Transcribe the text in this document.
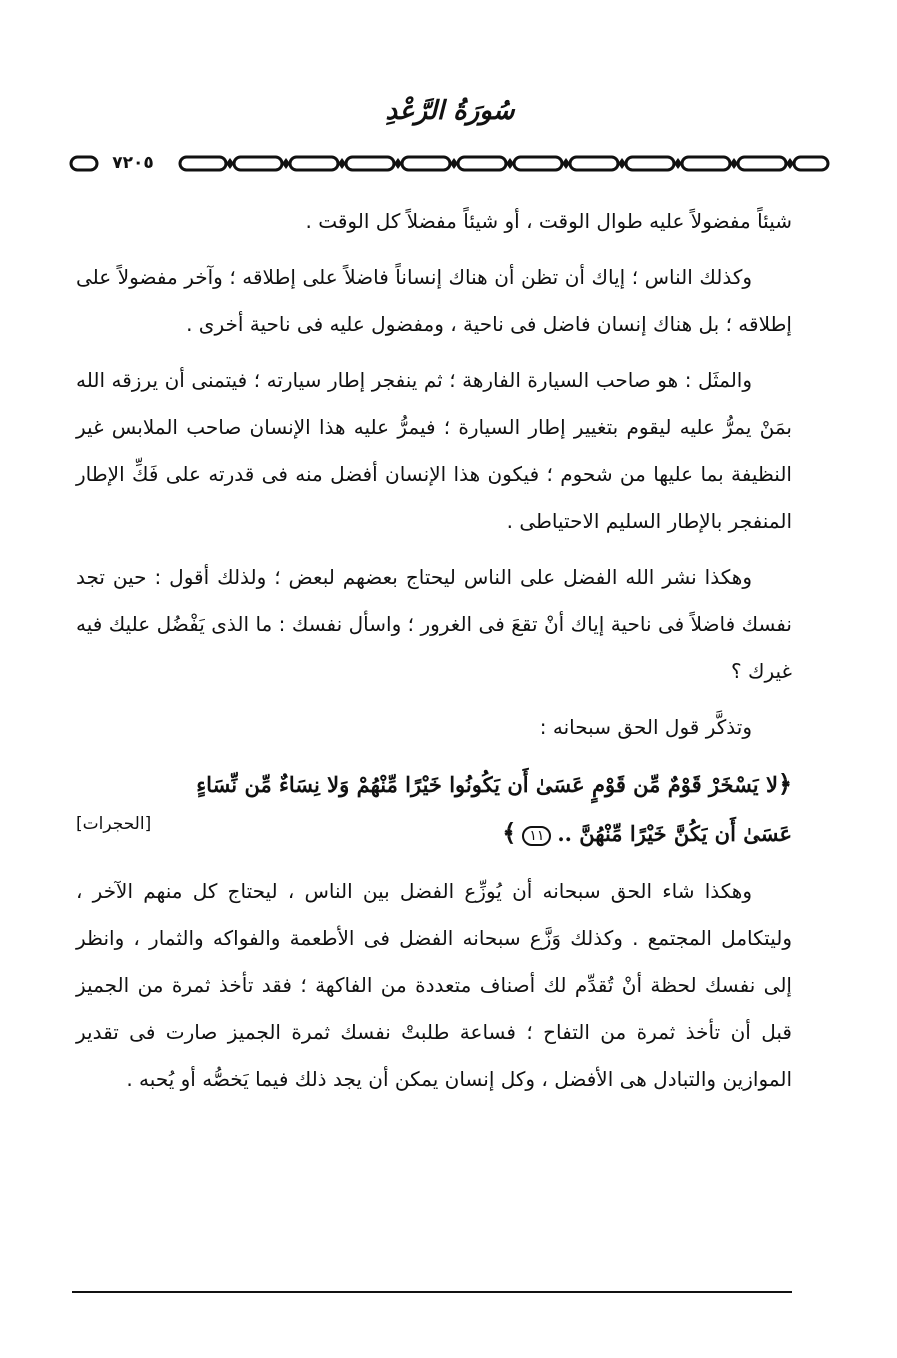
سُورَةُ الرَّعْدِ
٧٢٠٥

شيئاً مفضولاً عليه طوال الوقت ، أو شيئاً مفضلاً كل الوقت .

وكذلك الناس ؛ إياك أن تظن أن هناك إنساناً فاضلاً على إطلاقه ؛ وآخر مفضولاً على إطلاقه ؛ بل هناك إنسان فاضل فى ناحية ، ومفضول عليه فى ناحية أخرى .

والمثَل : هو صاحب السيارة الفارهة ؛ ثم ينفجر إطار سيارته ؛ فيتمنى أن يرزقه الله بمَنْ يمرُّ عليه ليقوم بتغيير إطار السيارة ؛ فيمرُّ عليه هذا الإنسان صاحب الملابس غير النظيفة بما عليها من شحوم ؛ فيكون هذا الإنسان أفضل منه فى قدرته على فَكِّ الإطار المنفجر بالإطار السليم الاحتياطى .

وهكذا نشر الله الفضل على الناس ليحتاج بعضهم لبعض ؛ ولذلك أقول : حين تجد نفسك فاضلاً فى ناحية إياك أنْ تقعَ فى الغرور ؛ واسأل نفسك : ما الذى يَفْضُل عليك فيه غيرك ؟

وتذكَّر قول الحق سبحانه :

﴿لا يَسْخَرْ قَوْمٌ مِّن قَوْمٍ عَسَىٰ أَن يَكُونُوا خَيْرًا مِّنْهُمْ وَلا نِسَاءٌ مِّن نِّسَاءٍ

عَسَىٰ أَن يَكُنَّ خَيْرًا مِّنْهُنَّ ..١١﴾

[الحجرات]

وهكذا شاء الحق سبحانه أن يُوزِّع الفضل بين الناس ، ليحتاج كل منهم الآخر ، وليتكامل المجتمع . وكذلك وَزَّع سبحانه الفضل فى الأطعمة والفواكه والثمار ، وانظر إلى نفسك لحظة أنْ تُقدِّم لك أصناف متعددة من الفاكهة ؛ فقد تأخذ ثمرة من الجميز قبل أن تأخذ ثمرة من التفاح ؛ فساعة طلبتْ نفسك ثمرة الجميز صارت فى تقدير الموازين والتبادل هى الأفضل ، وكل إنسان يمكن أن يجد ذلك فيما يَخصُّه أو يُحبه .
